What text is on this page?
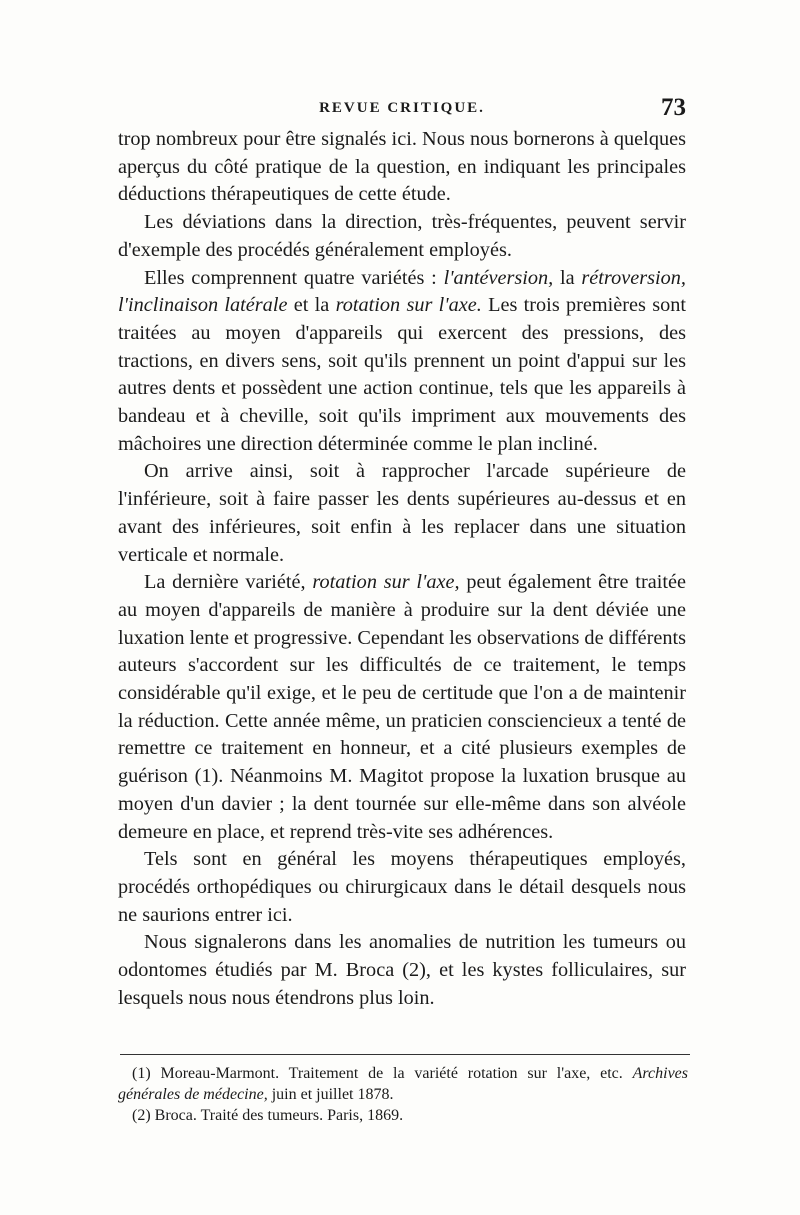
REVUE CRITIQUE.	73

trop nombreux pour être signalés ici. Nous nous bornerons à quelques aperçus du côté pratique de la question, en indiquant les principales déductions thérapeutiques de cette étude.

Les déviations dans la direction, très-fréquentes, peuvent servir d'exemple des procédés généralement employés.

Elles comprennent quatre variétés : l'antéversion, la rétroversion, l'inclinaison latérale et la rotation sur l'axe. Les trois premières sont traitées au moyen d'appareils qui exercent des pressions, des tractions, en divers sens, soit qu'ils prennent un point d'appui sur les autres dents et possèdent une action continue, tels que les appareils à bandeau et à cheville, soit qu'ils impriment aux mouvements des mâchoires une direction déterminée comme le plan incliné.

On arrive ainsi, soit à rapprocher l'arcade supérieure de l'inférieure, soit à faire passer les dents supérieures au-dessus et en avant des inférieures, soit enfin à les replacer dans une situation verticale et normale.

La dernière variété, rotation sur l'axe, peut également être traitée au moyen d'appareils de manière à produire sur la dent déviée une luxation lente et progressive. Cependant les observations de différents auteurs s'accordent sur les difficultés de ce traitement, le temps considérable qu'il exige, et le peu de certitude que l'on a de maintenir la réduction. Cette année même, un praticien consciencieux a tenté de remettre ce traitement en honneur, et a cité plusieurs exemples de guérison (1). Néanmoins M. Magitot propose la luxation brusque au moyen d'un davier ; la dent tournée sur elle-même dans son alvéole demeure en place, et reprend très-vite ses adhérences.

Tels sont en général les moyens thérapeutiques employés, procédés orthopédiques ou chirurgicaux dans le détail desquels nous ne saurions entrer ici.

Nous signalerons dans les anomalies de nutrition les tumeurs ou odontomes étudiés par M. Broca (2), et les kystes folliculaires, sur lesquels nous nous étendrons plus loin.

(1) Moreau-Marmont. Traitement de la variété rotation sur l'axe, etc. Archives générales de médecine, juin et juillet 1878.

(2) Broca. Traité des tumeurs. Paris, 1869.
